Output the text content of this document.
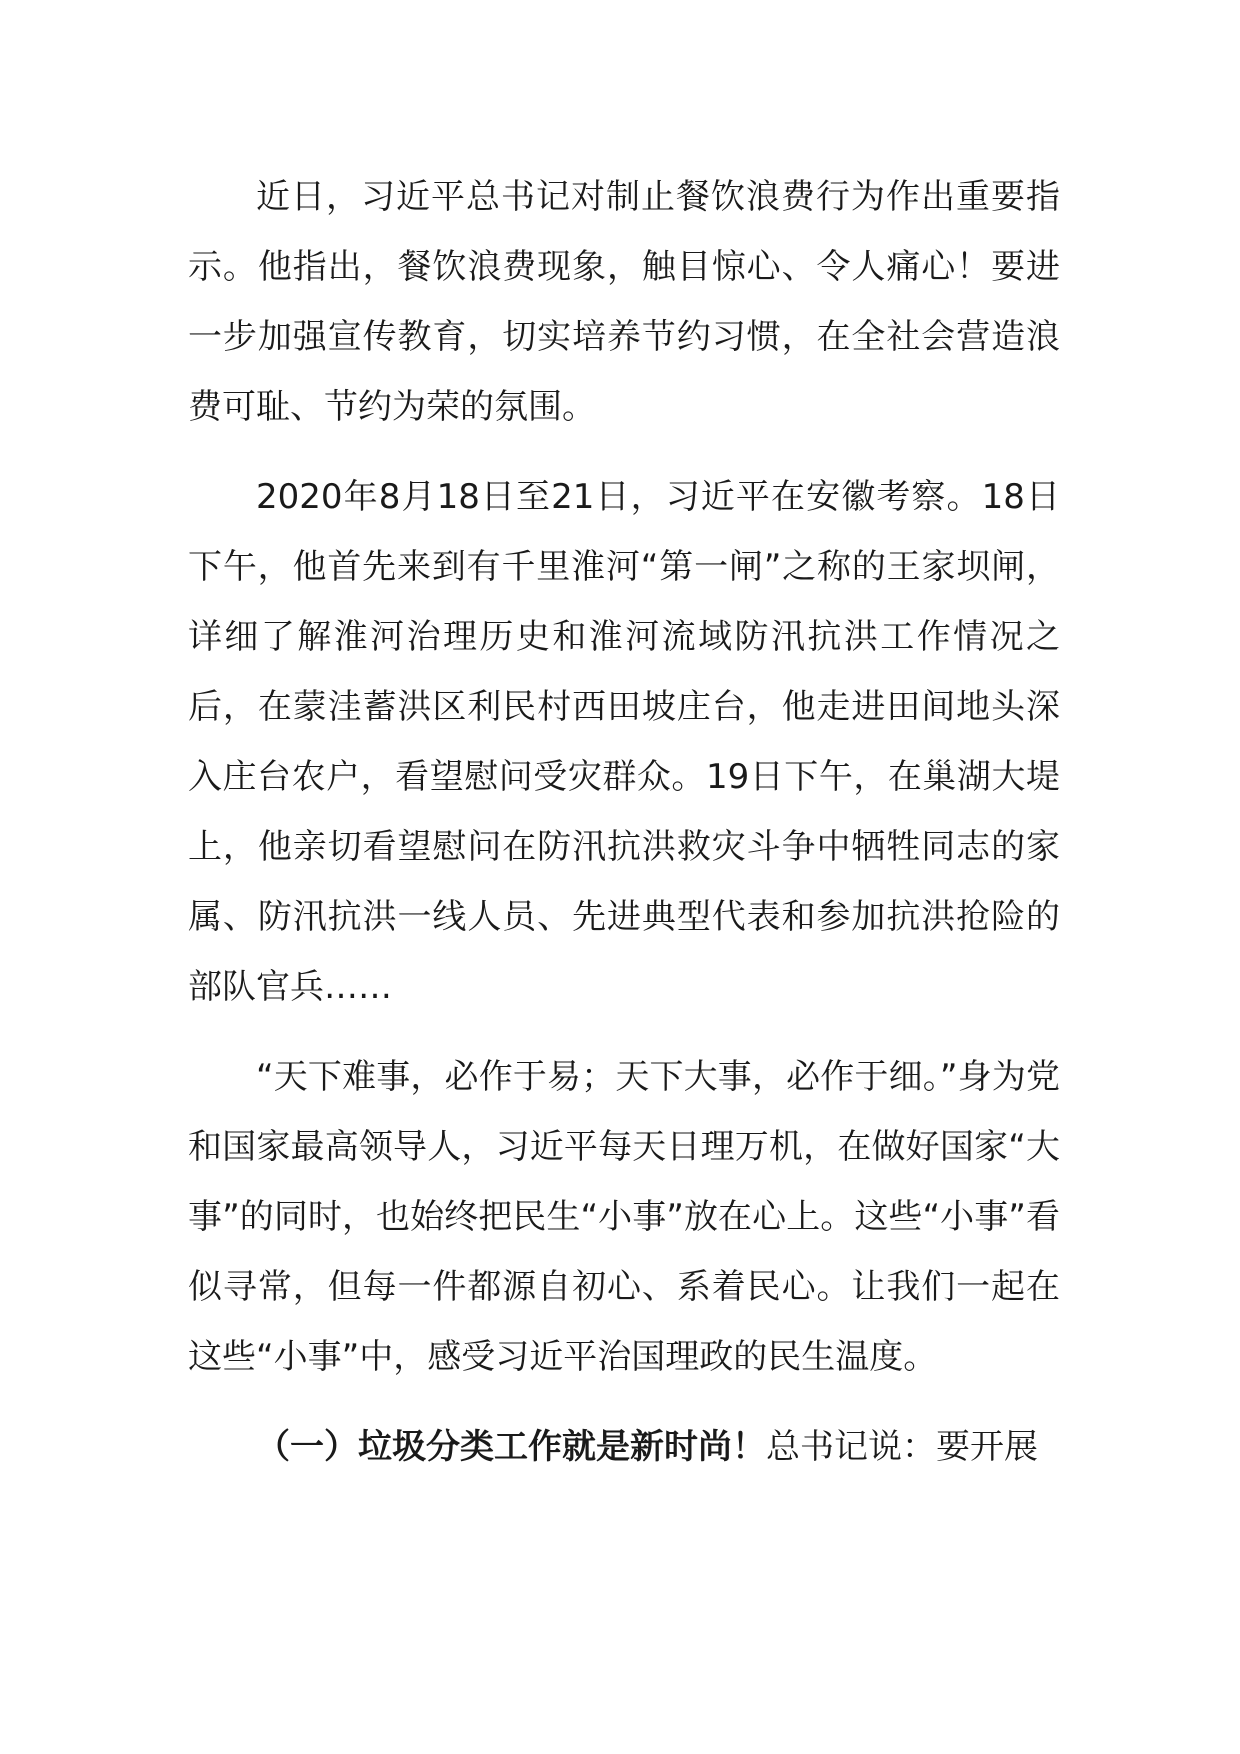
近日，习近平总书记对制止餐饮浪费行为作出重要指示。他指出，餐饮浪费现象，触目惊心、令人痛心！要进一步加强宣传教育，切实培养节约习惯，在全社会营造浪费可耻、节约为荣的氛围。

2020年8月18日至21日，习近平在安徽考察。18日下午，他首先来到有千里淮河“第一闸”之称的王家坝闸，详细了解淮河治理历史和淮河流域防汛抗洪工作情况之后，在蒙洼蓄洪区利民村西田坡庄台，他走进田间地头深入庄台农户，看望慰问受灾群众。19日下午，在巢湖大堤上，他亲切看望慰问在防汛抗洪救灾斗争中牺牲同志的家属、防汛抗洪一线人员、先进典型代表和参加抗洪抢险的部队官兵……

“天下难事，必作于易；天下大事，必作于细。”身为党和国家最高领导人，习近平每天日理万机，在做好国家“大事”的同时，也始终把民生“小事”放在心上。这些“小事”看似寻常，但每一件都源自初心、系着民心。让我们一起在这些“小事”中，感受习近平治国理政的民生温度。

（一）垃圾分类工作就是新时尚！总书记说：要开展
